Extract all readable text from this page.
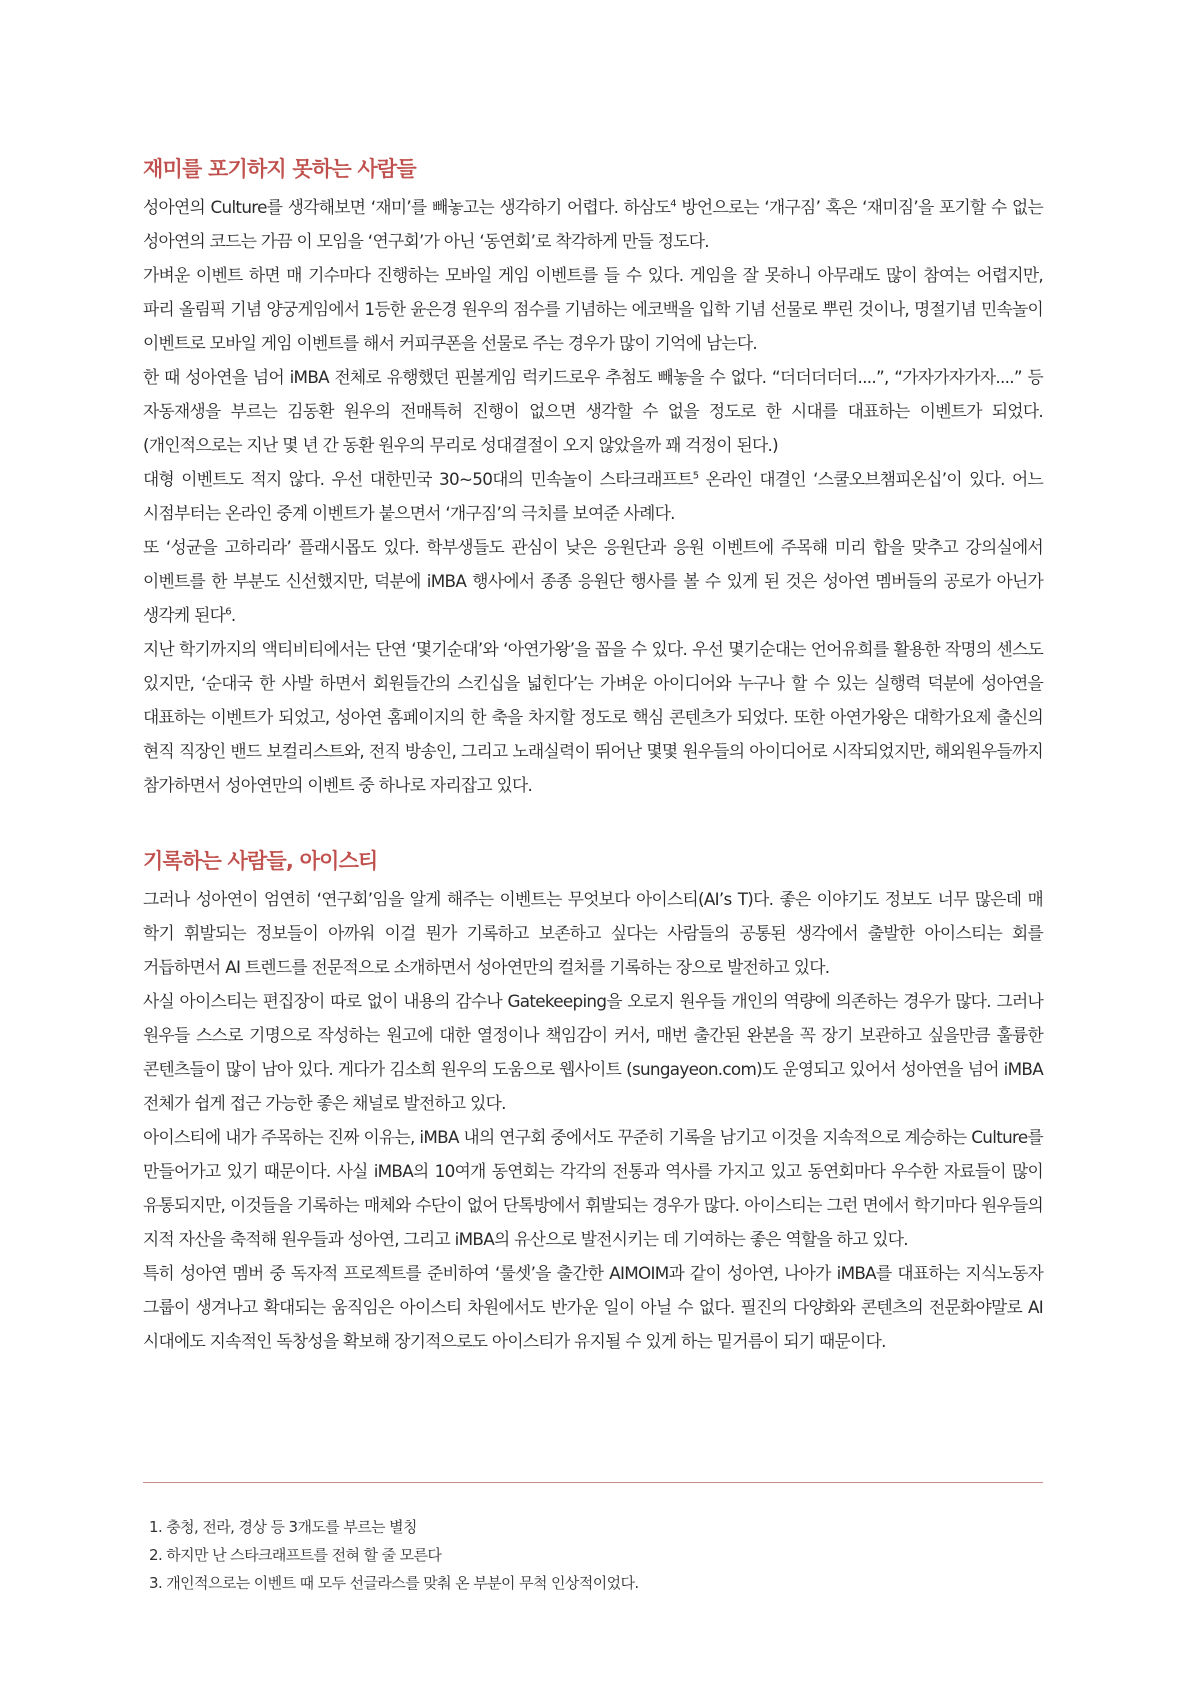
재미를 포기하지 못하는 사람들

성아연의 Culture를 생각해보면 ‘재미’를 빼놓고는 생각하기 어렵다. 하삼도$^4$ 방언으로는 ‘개구짐’ 혹은 ‘재미짐’을 포기할 수 없는 성아연의 코드는 가끔 이 모임을 ‘연구회’가 아닌 ‘동연회’로 착각하게 만들 정도다.

가벼운 이벤트 하면 매 기수마다 진행하는 모바일 게임 이벤트를 들 수 있다. 게임을 잘 못하니 아무래도 많이 참여는 어렵지만, 파리 올림픽 기념 양궁게임에서 1등한 윤은경 원우의 점수를 기념하는 에코백을 입학 기념 선물로 뿌린 것이나, 명절기념 민속놀이 이벤트로 모바일 게임 이벤트를 해서 커피쿠폰을 선물로 주는 경우가 많이 기억에 남는다.

한 때 성아연을 넘어 iMBA 전체로 유행했던 핀볼게임 럭키드로우 추첨도 빼놓을 수 없다. “더더더더더....”, “가자가자가자....” 등 자동재생을 부르는 김동환 원우의 전매특허 진행이 없으면 생각할 수 없을 정도로 한 시대를 대표하는 이벤트가 되었다. (개인적으로는 지난 몇 년 간 동환 원우의 무리로 성대결절이 오지 않았을까 꽤 걱정이 된다.)

대형 이벤트도 적지 않다. 우선 대한민국 30~50대의 민속놀이 스타크래프트$^5$ 온라인 대결인 ‘스쿨오브챔피온십’이 있다. 어느 시점부터는 온라인 중계 이벤트가 붙으면서 ‘개구짐’의 극치를 보여준 사례다.

또 ‘성균을 고하리라’ 플래시몹도 있다. 학부생들도 관심이 낮은 응원단과 응원 이벤트에 주목해 미리 합을 맞추고 강의실에서 이벤트를 한 부분도 신선했지만, 덕분에 iMBA 행사에서 종종 응원단 행사를 볼 수 있게 된 것은 성아연 멤버들의 공로가 아닌가 생각케 된다$^6$.

지난 학기까지의 액티비티에서는 단연 ‘몇기순대’와 ‘아연가왕’을 꼽을 수 있다. 우선 몇기순대는 언어유희를 활용한 작명의 센스도 있지만, ‘순대국 한 사발 하면서 회원들간의 스킨십을 넓힌다’는 가벼운 아이디어와 누구나 할 수 있는 실행력 덕분에 성아연을 대표하는 이벤트가 되었고, 성아연 홈페이지의 한 축을 차지할 정도로 핵심 콘텐츠가 되었다. 또한 아연가왕은 대학가요제 출신의 현직 직장인 밴드 보컬리스트와, 전직 방송인, 그리고 노래실력이 뛰어난 몇몇 원우들의 아이디어로 시작되었지만, 해외원우들까지 참가하면서 성아연만의 이벤트 중 하나로 자리잡고 있다.

기록하는 사람들, 아이스티

그러나 성아연이 엄연히 ‘연구회’임을 알게 해주는 이벤트는 무엇보다 아이스티(AI’s T)다. 좋은 이야기도 정보도 너무 많은데 매 학기 휘발되는 정보들이 아까워 이걸 뭔가 기록하고 보존하고 싶다는 사람들의 공통된 생각에서 출발한 아이스티는 회를 거듭하면서 AI 트렌드를 전문적으로 소개하면서 성아연만의 컬처를 기록하는 장으로 발전하고 있다.

사실 아이스티는 편집장이 따로 없이 내용의 감수나 Gatekeeping을 오로지 원우들 개인의 역량에 의존하는 경우가 많다. 그러나 원우들 스스로 기명으로 작성하는 원고에 대한 열정이나 책임감이 커서, 매번 출간된 완본을 꼭 장기 보관하고 싶을만큼 훌륭한 콘텐츠들이 많이 남아 있다. 게다가 김소희 원우의 도움으로 웹사이트 (sungayeon.com)도 운영되고 있어서 성아연을 넘어 iMBA 전체가 쉽게 접근 가능한 좋은 채널로 발전하고 있다.

아이스티에 내가 주목하는 진짜 이유는, iMBA 내의 연구회 중에서도 꾸준히 기록을 남기고 이것을 지속적으로 계승하는 Culture를 만들어가고 있기 때문이다. 사실 iMBA의 10여개 동연회는 각각의 전통과 역사를 가지고 있고 동연회마다 우수한 자료들이 많이 유통되지만, 이것들을 기록하는 매체와 수단이 없어 단톡방에서 휘발되는 경우가 많다. 아이스티는 그런 면에서 학기마다 원우들의 지적 자산을 축적해 원우들과 성아연, 그리고 iMBA의 유산으로 발전시키는 데 기여하는 좋은 역할을 하고 있다.

특히 성아연 멤버 중 독자적 프로젝트를 준비하여 ‘룰셋’을 출간한 AIMOIM과 같이 성아연, 나아가 iMBA를 대표하는 지식노동자 그룹이 생겨나고 확대되는 움직임은 아이스티 차원에서도 반가운 일이 아닐 수 없다. 필진의 다양화와 콘텐츠의 전문화야말로 AI 시대에도 지속적인 독창성을 확보해 장기적으로도 아이스티가 유지될 수 있게 하는 밑거름이 되기 때문이다.

1. 충청, 전라, 경상 등 3개도를 부르는 별칭
2. 하지만 난 스타크래프트를 전혀 할 줄 모른다
3. 개인적으로는 이벤트 때 모두 선글라스를 맞춰 온 부분이 무척 인상적이었다.
